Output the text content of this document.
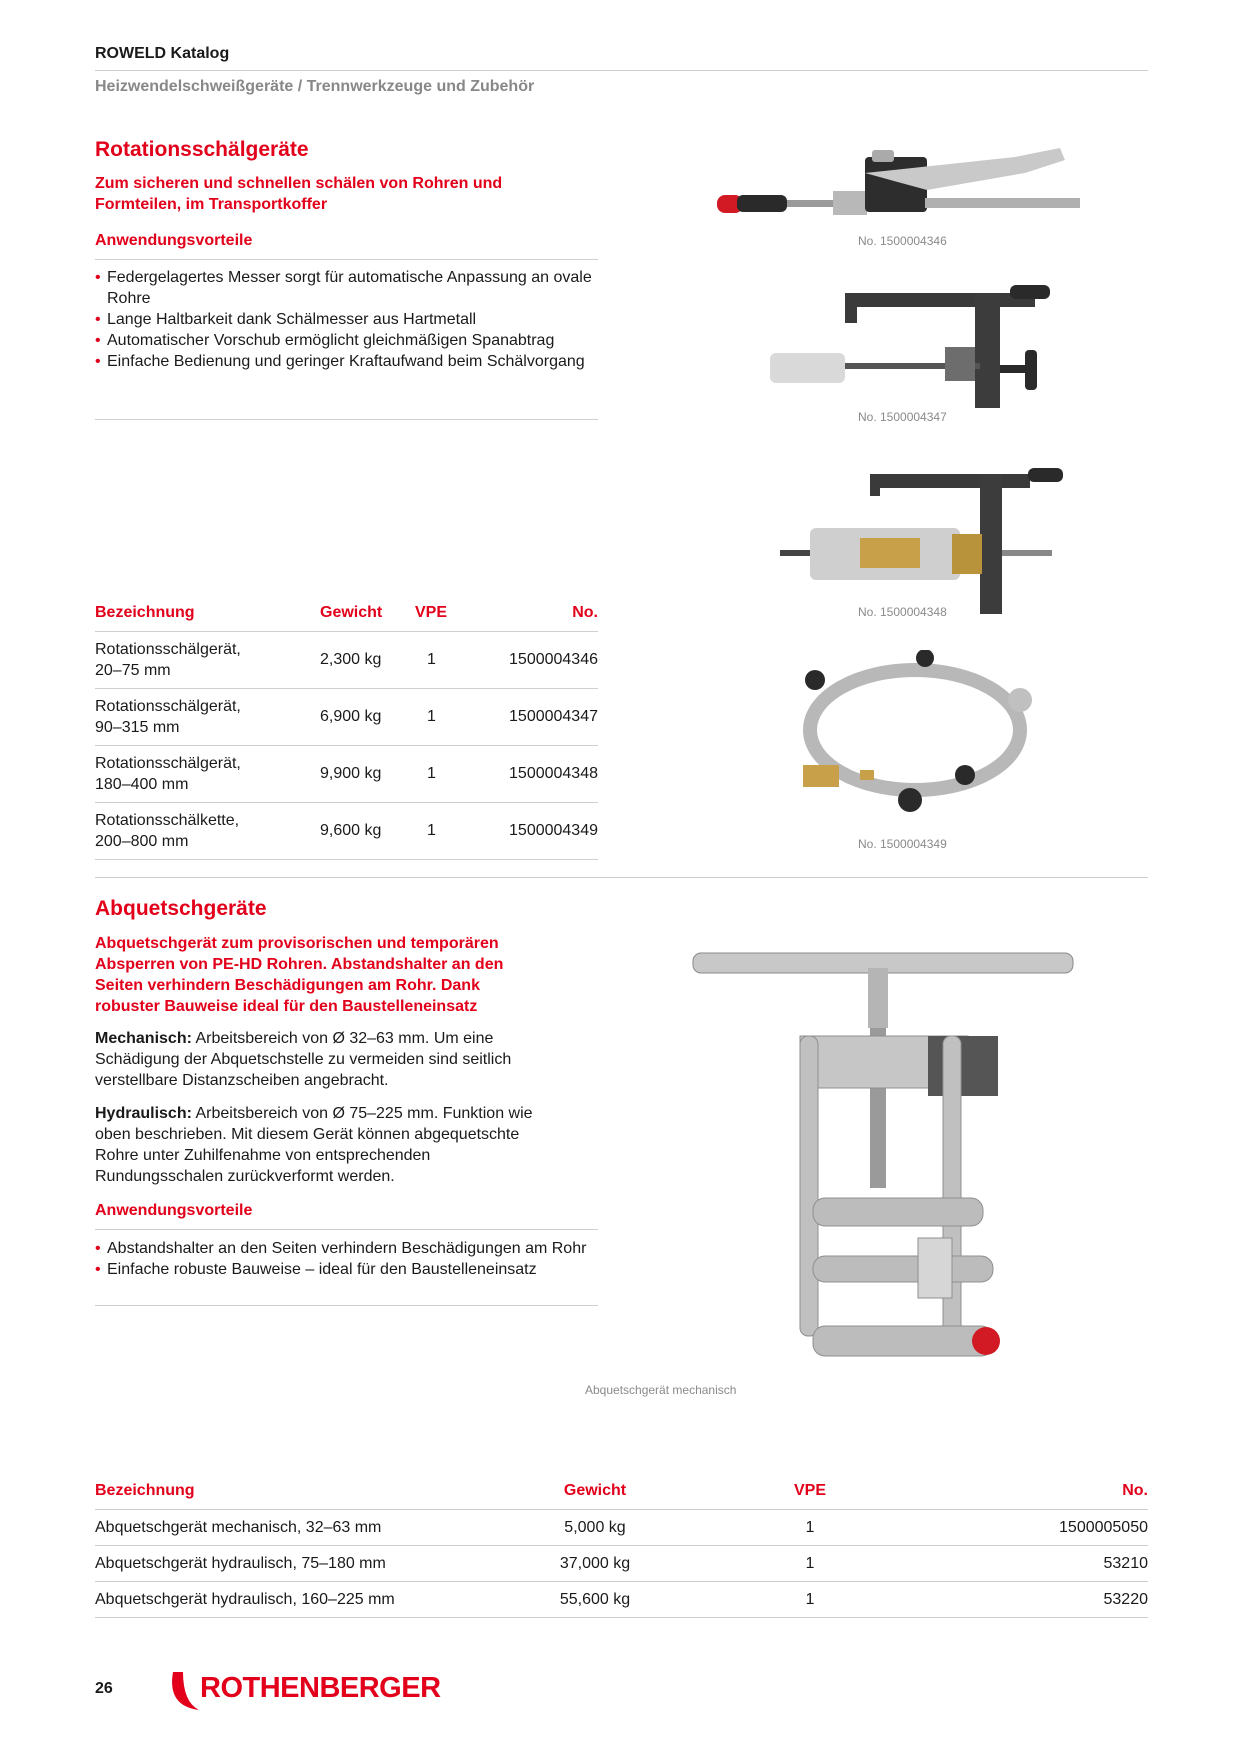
ROWELD Katalog
Heizwendelschweißgeräte / Trennwerkzeuge und Zubehör
Rotationsschälgeräte
Zum sicheren und schnellen schälen von Rohren und
Formteilen, im Transportkoffer
Anwendungsvorteile
• Federgelagertes Messer sorgt für automatische Anpassung an ovale Rohre
• Lange Haltbarkeit dank Schälmesser aus Hartmetall
• Automatischer Vorschub ermöglicht gleichmäßigen Spanabtrag
• Einfache Bedienung und geringer Kraftaufwand beim Schälvorgang
Bezeichnung	Gewicht	VPE	No.

Rotationsschälgerät,
20–75 mm	2,300 kg	1	1500004346

Rotationsschälgerät,
90–315 mm	6,900 kg	1	1500004347

Rotationsschälgerät,
180–400 mm	9,900 kg	1	1500004348

Rotationsschälkette,
200–800 mm	9,600 kg	1	1500004349
No. 1500004346
No. 1500004347
No. 1500004348
No. 1500004349
Abquetschgeräte
Abquetschgerät zum provisorischen und temporären
Absperren von PE-HD Rohren. Abstandshalter an den
Seiten verhindern Beschädigungen am Rohr. Dank
robuster Bauweise ideal für den Baustelleneinsatz
Mechanisch: Arbeitsbereich von Ø 32–63 mm. Um eine
Schädigung der Abquetschstelle zu vermeiden sind seitlich
verstellbare Distanzscheiben angebracht.
Hydraulisch: Arbeitsbereich von Ø 75–225 mm. Funktion wie
oben beschrieben. Mit diesem Gerät können abgequetschte
Rohre unter Zuhilfenahme von entsprechenden
Rundungsschalen zurückverformt werden.
Anwendungsvorteile
• Abstandshalter an den Seiten verhindern Beschädigungen am Rohr
• Einfache robuste Bauweise – ideal für den Baustelleneinsatz
Abquetschgerät mechanisch
Bezeichnung	Gewicht	VPE	No.
Abquetschgerät mechanisch, 32–63 mm	5,000 kg	1	1500005050
Abquetschgerät hydraulisch, 75–180 mm	37,000 kg	1	53210
Abquetschgerät hydraulisch, 160–225 mm	55,600 kg	1	53220
26	ROTHENBERGER
